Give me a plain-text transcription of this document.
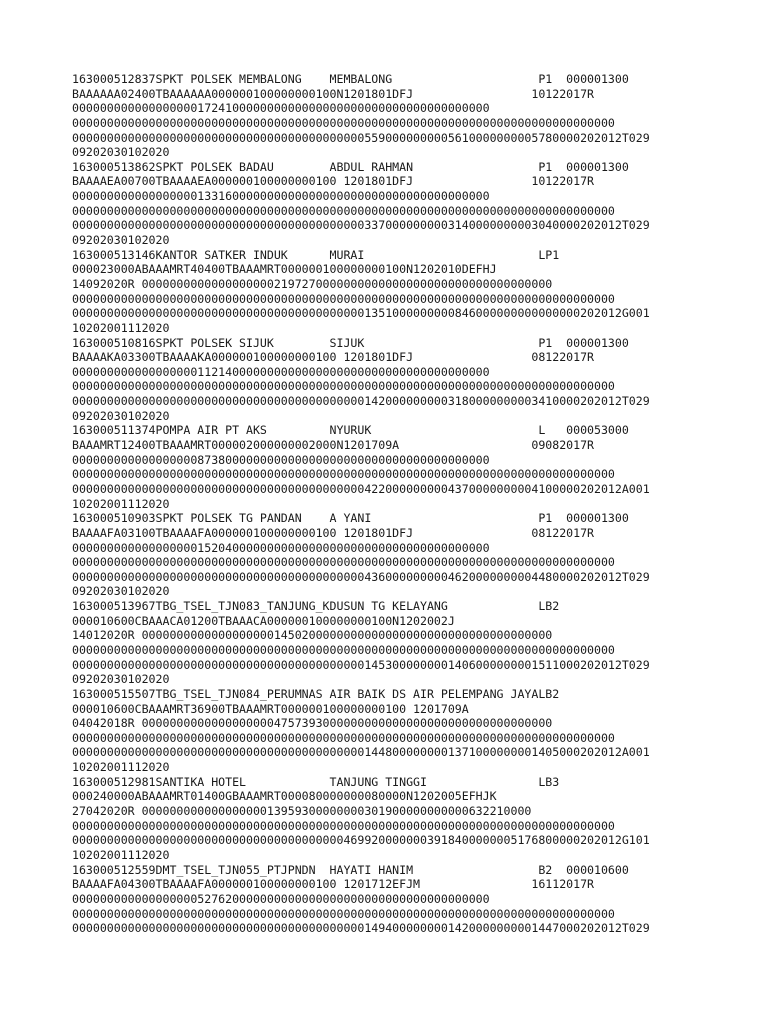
163000512837SPKT POLSEK MEMBALONG    MEMBALONG                     P1  000001300
BAAAAAA02400TBAAAAAA000000100000000100N1201801DFJ                 10122017R
000000000000000000172410000000000000000000000000000000000000
000000000000000000000000000000000000000000000000000000000000000000000000000000
0000000000000000000000000000000000000000005590000000005610000000005780000202012T029
09202030102020
163000513862SPKT POLSEK BADAU        ABDUL RAHMAN                  P1  000001300
BAAAAEA00700TBAAAAEA000000100000000100 1201801DFJ                 10122017R
000000000000000000133160000000000000000000000000000000000000
000000000000000000000000000000000000000000000000000000000000000000000000000000
0000000000000000000000000000000000000000003370000000003140000000003040000202012T029
09202030102020
163000513146KANTOR SATKER INDUK      MURAI                         LP1
000023000ABAAAMRT40400TBAAAMRT000000100000000100N1202010DEFHJ
14092020R 00000000000000000002197270000000000000000000000000000000000
000000000000000000000000000000000000000000000000000000000000000000000000000000
0000000000000000000000000000000000000000001351000000000846000000000000000202012G001
10202001112020
163000510816SPKT POLSEK SIJUK        SIJUK                         P1  000001300
BAAAAKA03300TBAAAAKA000000100000000100 1201801DFJ                 08122017R
000000000000000000112140000000000000000000000000000000000000
000000000000000000000000000000000000000000000000000000000000000000000000000000
0000000000000000000000000000000000000000001420000000003180000000003410000202012T029
09202030102020
163000511374POMPA AIR PT AKS         NYURUK                        L   000053000
BAAAMRT12400TBAAAMRT000002000000002000N1201709A                   09082017R
000000000000000000873800000000000000000000000000000000000000
000000000000000000000000000000000000000000000000000000000000000000000000000000
0000000000000000000000000000000000000000004220000000004370000000004100000202012A001
10202001112020
163000510903SPKT POLSEK TG PANDAN    A YANI                        P1  000001300
BAAAAFA03100TBAAAAFA000000100000000100 1201801DFJ                 08122017R
000000000000000000152040000000000000000000000000000000000000
000000000000000000000000000000000000000000000000000000000000000000000000000000
0000000000000000000000000000000000000000004360000000004620000000004480000202012T029
09202030102020
163000513967TBG_TSEL_TJN083_TANJUNG_KDUSUN TG KELAYANG             LB2
000010600CBAAACA01200TBAAACA000000100000000100N1202002J
14012020R 00000000000000000001450200000000000000000000000000000000000
000000000000000000000000000000000000000000000000000000000000000000000000000000
0000000000000000000000000000000000000000001453000000001406000000001511000202012T029
09202030102020
163000515507TBG_TSEL_TJN084_PERUMNAS AIR BAIK DS AIR PELEMPANG JAYALB2
000010600CBAAAMRT36900TBAAAMRT000000100000000100 1201709A
04042018R 00000000000000000004757393000000000000000000000000000000000
000000000000000000000000000000000000000000000000000000000000000000000000000000
0000000000000000000000000000000000000000001448000000001371000000001405000202012A001
10202001112020
163000512981SANTIKA HOTEL            TANJUNG TINGGI                LB3
000240000ABAAAMRT01400GBAAAMRT000080000000080000N1202005EFHJK
27042020R 00000000000000000013959300000000301900000000000632210000
000000000000000000000000000000000000000000000000000000000000000000000000000000
0000000000000000000000000000000000000004699200000003918400000005176800000202012G101
10202001112020
163000512559DMT_TSEL_TJN055_PTJPNDN  HAYATI HANIM                  B2  000010600
BAAAAFA04300TBAAAAFA000000100000000100 1201712EFJM                16112017R
000000000000000000527620000000000000000000000000000000000000
000000000000000000000000000000000000000000000000000000000000000000000000000000
0000000000000000000000000000000000000000001494000000001420000000001447000202012T029
